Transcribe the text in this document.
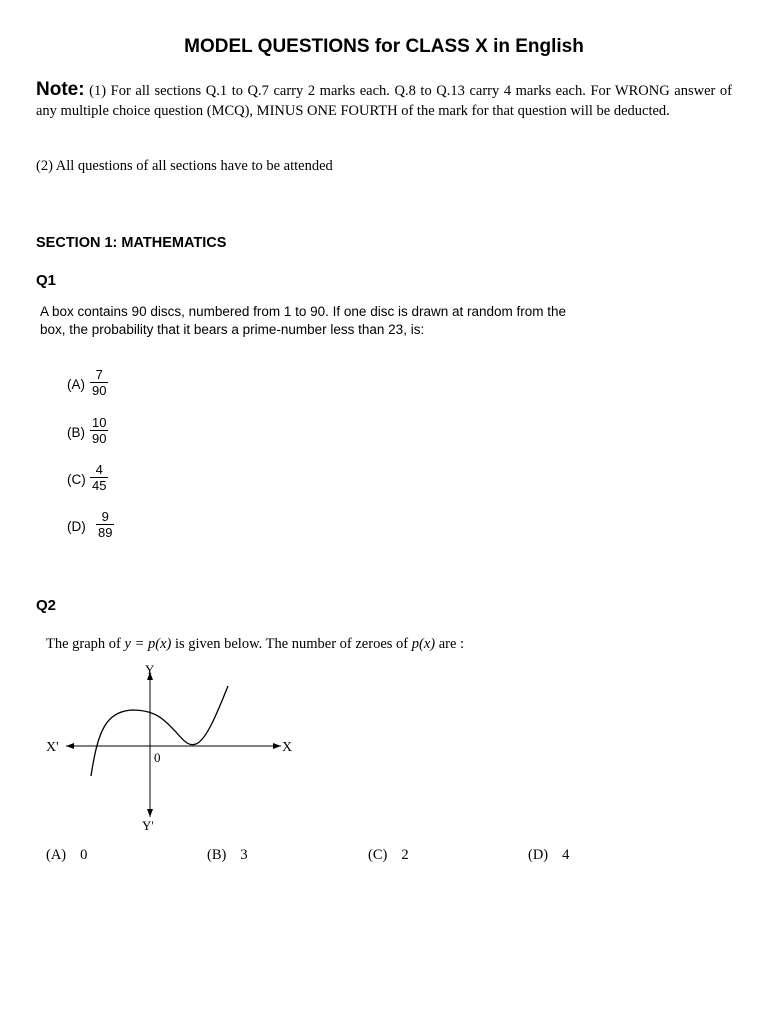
MODEL QUESTIONS for CLASS X in English
Note: (1) For all sections Q.1 to Q.7 carry 2 marks each. Q.8 to Q.13 carry 4 marks each. For WRONG answer of any multiple choice question (MCQ), MINUS ONE FOURTH of the mark for that question will be deducted.
(2) All questions of all sections have to be attended
SECTION 1: MATHEMATICS
Q1
A box contains 90 discs, numbered from 1 to 90. If one disc is drawn at random from the box, the probability that it bears a prime-number less than 23, is:
$(A) \frac{7}{90}$
$(B) \frac{10}{90}$
$(C) \frac{4}{45}$
$(D) \frac{9}{89}$
Q2
The graph of y = p(x) is given below. The number of zeroes of p(x) are :
X'	X
Y
Y'
0
(A) 0	(B) 3	(C) 2	(D) 4
